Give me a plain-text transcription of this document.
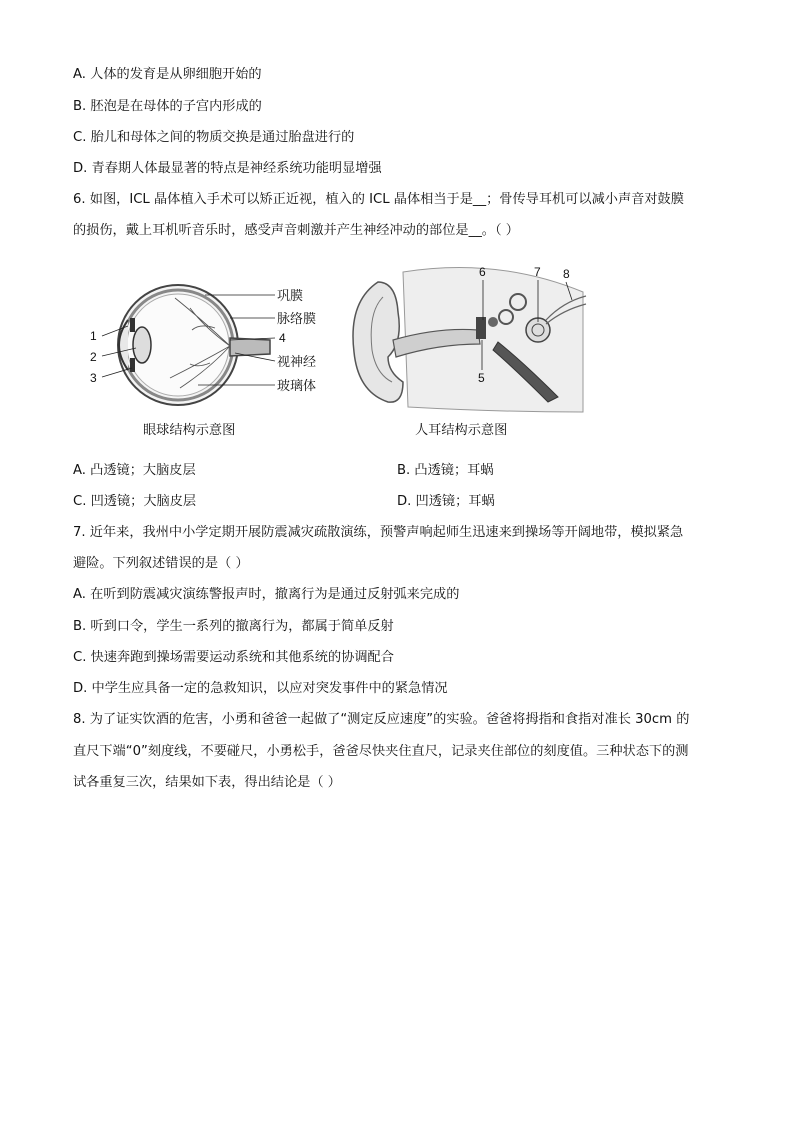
A. 人体的发育是从卵细胞开始的
B. 胚泡是在母体的子宫内形成的
C. 胎儿和母体之间的物质交换是通过胎盘进行的
D. 青春期人体最显著的特点是神经系统功能明显增强
6. 如图，ICL 晶体植入手术可以矫正近视，植入的 ICL 晶体相当于是__；骨传导耳机可以减小声音对鼓膜
的损伤，戴上耳机听音乐时，感受声音刺激并产生神经冲动的部位是__。（ ）
巩膜
脉络膜
4
视神经
玻璃体
1
2
3
眼球结构示意图
6	7 8
5
人耳结构示意图
A. 凸透镜；大脑皮层	B. 凸透镜；耳蜗
C. 凹透镜；大脑皮层	D. 凹透镜；耳蜗
7. 近年来，我州中小学定期开展防震减灾疏散演练，预警声响起师生迅速来到操场等开阔地带，模拟紧急
避险。下列叙述错误的是（ ）
A. 在听到防震减灾演练警报声时，撤离行为是通过反射弧来完成的
B. 听到口令，学生一系列的撤离行为，都属于简单反射
C. 快速奔跑到操场需要运动系统和其他系统的协调配合
D. 中学生应具备一定的急救知识，以应对突发事件中的紧急情况
8. 为了证实饮酒的危害，小勇和爸爸一起做了“测定反应速度”的实验。爸爸将拇指和食指对准长 30cm 的
直尺下端“0”刻度线，不要碰尺，小勇松手，爸爸尽快夹住直尺，记录夹住部位的刻度值。三种状态下的测
试各重复三次，结果如下表，得出结论是（ ）
